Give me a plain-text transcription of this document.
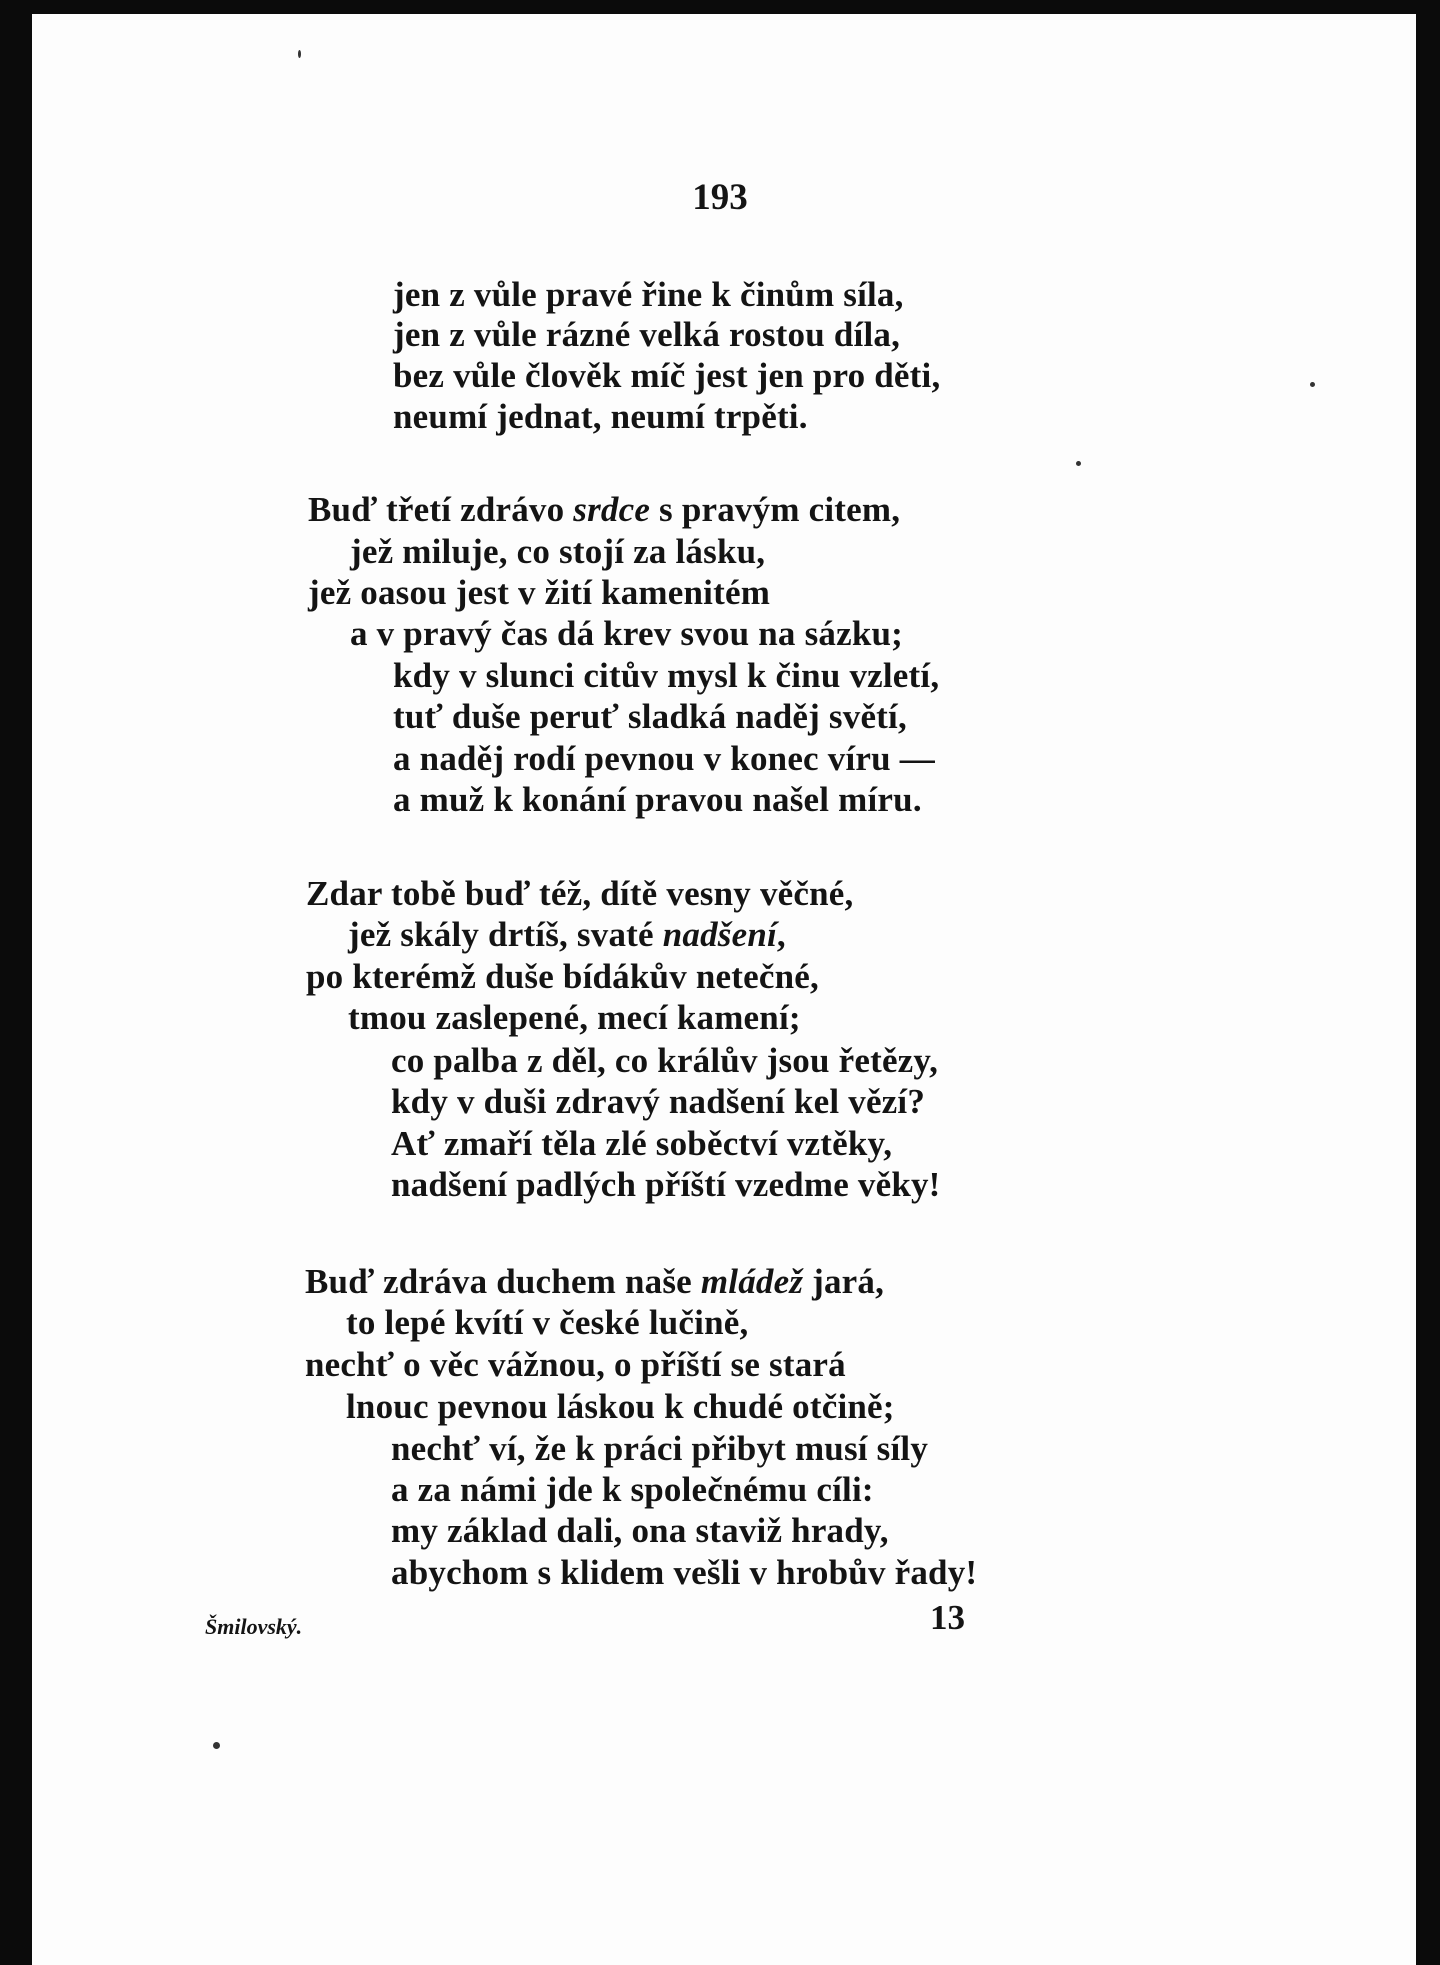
193
jen z vůle pravé řine k činům síla,
jen z vůle rázné velká rostou díla,
bez vůle člověk míč jest jen pro děti,
neumí jednat, neumí trpěti.
Buď třetí zdrávo srdce s pravým citem,
jež miluje, co stojí za lásku,
jež oasou jest v žití kamenitém
a v pravý čas dá krev svou na sázku;
kdy v slunci citův mysl k činu vzletí,
tuť duše peruť sladká naděj světí,
a naděj rodí pevnou v konec víru —
a muž k konání pravou našel míru.
Zdar tobě buď též, dítě vesny věčné,
jež skály drtíš, svaté nadšení,
po kterémž duše bídákův netečné,
tmou zaslepené, mecí kamení;
co palba z děl, co králův jsou řetězy,
kdy v duši zdravý nadšení kel vězí?
Ať zmaří těla zlé soběctví vztěky,
nadšení padlých příští vzedme věky!
Buď zdráva duchem naše mládež jará,
to lepé kvítí v české lučině,
nechť o věc vážnou, o příští se stará
lnouc pevnou láskou k chudé otčině;
nechť ví, že k práci přibyt musí síly
a za námi jde k společnému cíli:
my základ dali, ona staviž hrady,
abychom s klidem vešli v hrobův řady!
Šmilovský.	13
